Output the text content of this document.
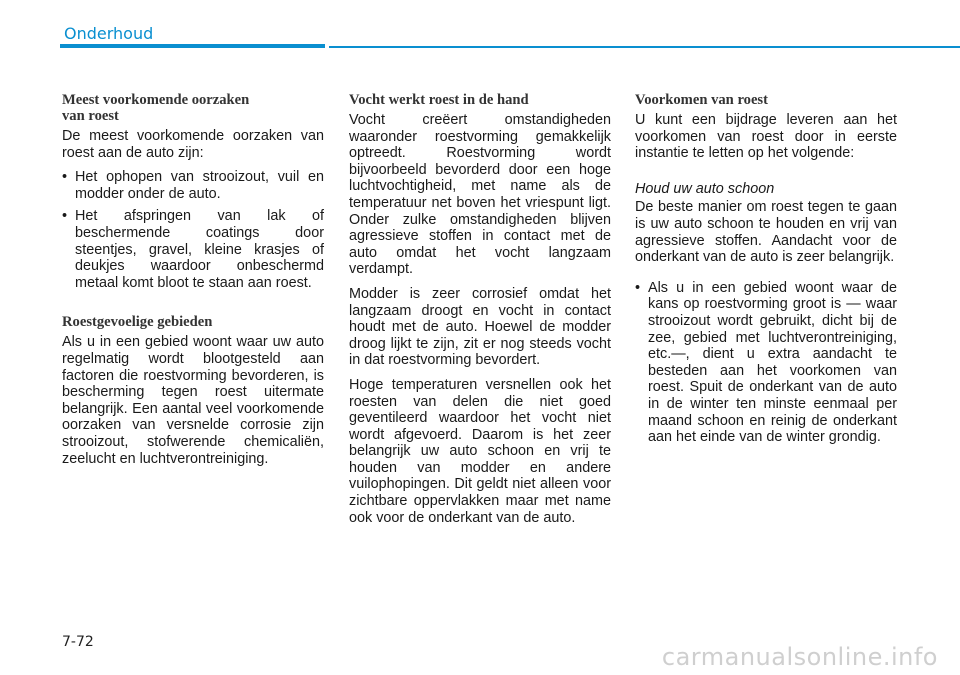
Onderhoud
Meest voorkomende oorzaken
van roest

De meest voorkomende oorzaken van roest aan de auto zijn:

• Het ophopen van strooizout, vuil en modder onder de auto.
• Het afspringen van lak of beschermende coatings door steentjes, gravel, kleine krasjes of deukjes waardoor onbeschermd metaal komt bloot te staan aan roest.
Roestgevoelige gebieden

Als u in een gebied woont waar uw auto regelmatig wordt blootgesteld aan factoren die roestvorming bevorderen, is bescherming tegen roest uitermate belangrijk. Een aantal veel voorkomende oorzaken van versnelde corrosie zijn strooizout, stofwerende chemicaliën, zeelucht en luchtverontreiniging.

Vocht werkt roest in de hand

Vocht creëert omstandigheden waaronder roestvorming gemakkelijk optreedt. Roestvorming wordt bijvoorbeeld bevorderd door een hoge luchtvochtigheid, met name als de temperatuur net boven het vriespunt ligt. Onder zulke omstandigheden blijven agressieve stoffen in contact met de auto omdat het vocht langzaam verdampt.

Modder is zeer corrosief omdat het langzaam droogt en vocht in contact houdt met de auto. Hoewel de modder droog lijkt te zijn, zit er nog steeds vocht in dat roestvorming bevordert.

Hoge temperaturen versnellen ook het roesten van delen die niet goed geventileerd waardoor het vocht niet wordt afgevoerd. Daarom is het zeer belangrijk uw auto schoon en vrij te houden van modder en andere vuilophopingen. Dit geldt niet alleen voor zichtbare oppervlakken maar met name ook voor de onderkant van de auto.

Voorkomen van roest

U kunt een bijdrage leveren aan het voorkomen van roest door in eerste instantie te letten op het volgende:

Houd uw auto schoon

De beste manier om roest tegen te gaan is uw auto schoon te houden en vrij van agressieve stoffen. Aandacht voor de onderkant van de auto is zeer belangrijk.

• Als u in een gebied woont waar de kans op roestvorming groot is — waar strooizout wordt gebruikt, dicht bij de zee, gebied met luchtverontreiniging, etc.—, dient u extra aandacht te besteden aan het voorkomen van roest. Spuit de onderkant van de auto in de winter ten minste eenmaal per maand schoon en reinig de onderkant aan het einde van de winter grondig.
7-72
carmanualsonline.info
